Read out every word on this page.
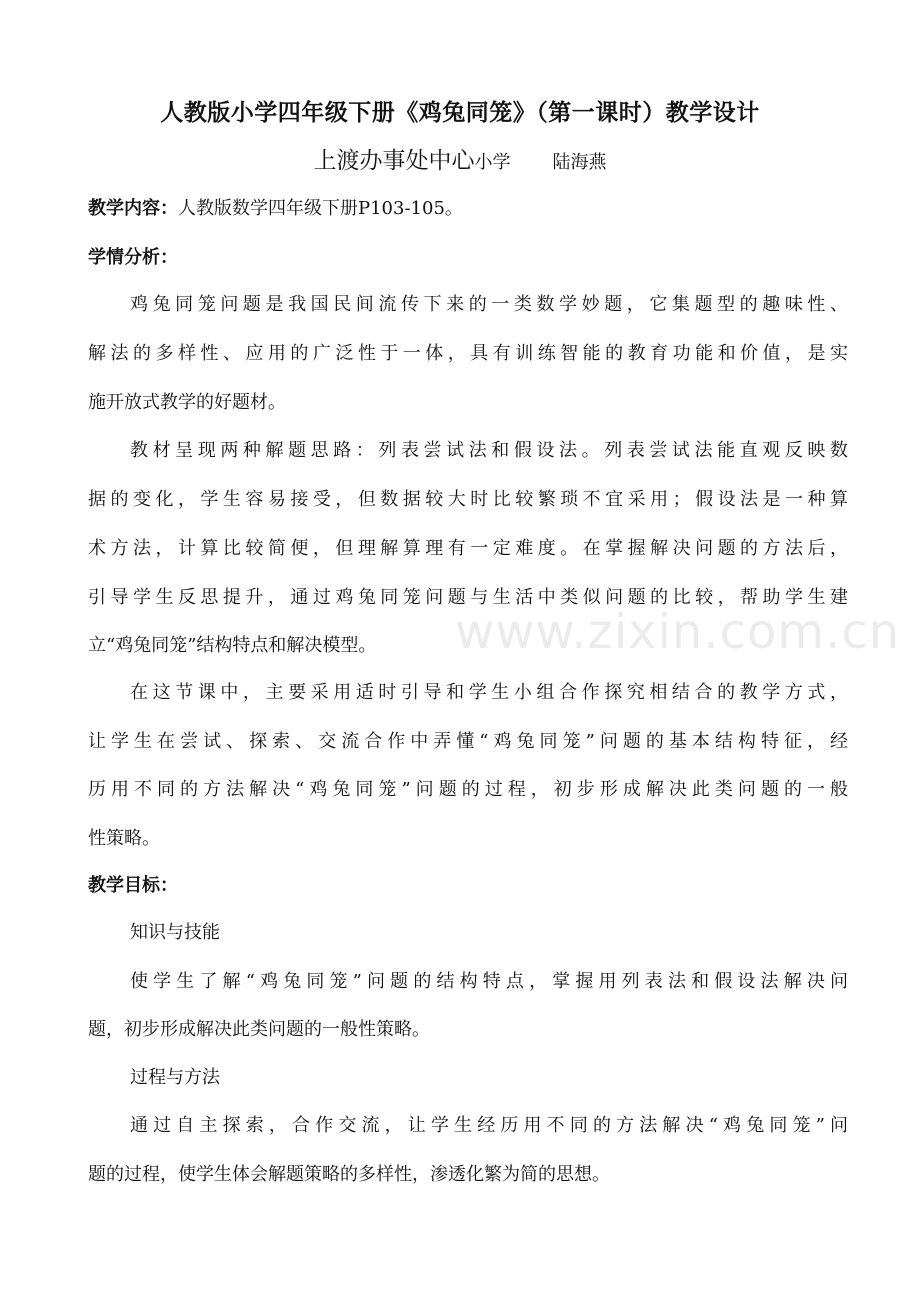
人教版小学四年级下册《鸡兔同笼》（第一课时）教学设计
上渡办事处中心小学 陆海燕
教学内容：人教版数学四年级下册P103-105。
学情分析：
鸡兔同笼问题是我国民间流传下来的一类数学妙题，它集题型的趣味性、
解法的多样性、应用的广泛性于一体，具有训练智能的教育功能和价值，是实
施开放式教学的好题材。
教材呈现两种解题思路：列表尝试法和假设法。列表尝试法能直观反映数
据的变化，学生容易接受，但数据较大时比较繁琐不宜采用；假设法是一种算
术方法，计算比较简便，但理解算理有一定难度。在掌握解决问题的方法后，
引导学生反思提升，通过鸡兔同笼问题与生活中类似问题的比较，帮助学生建
立“鸡兔同笼”结构特点和解决模型。
在这节课中，主要采用适时引导和学生小组合作探究相结合的教学方式，
让学生在尝试、探索、交流合作中弄懂“鸡兔同笼”问题的基本结构特征，经
历用不同的方法解决“鸡兔同笼”问题的过程，初步形成解决此类问题的一般
性策略。
教学目标：
知识与技能
使学生了解“鸡兔同笼”问题的结构特点，掌握用列表法和假设法解决问
题，初步形成解决此类问题的一般性策略。
过程与方法
通过自主探索，合作交流，让学生经历用不同的方法解决“鸡兔同笼”问
题的过程，使学生体会解题策略的多样性，渗透化繁为简的思想。
www.zixin.com.cn
